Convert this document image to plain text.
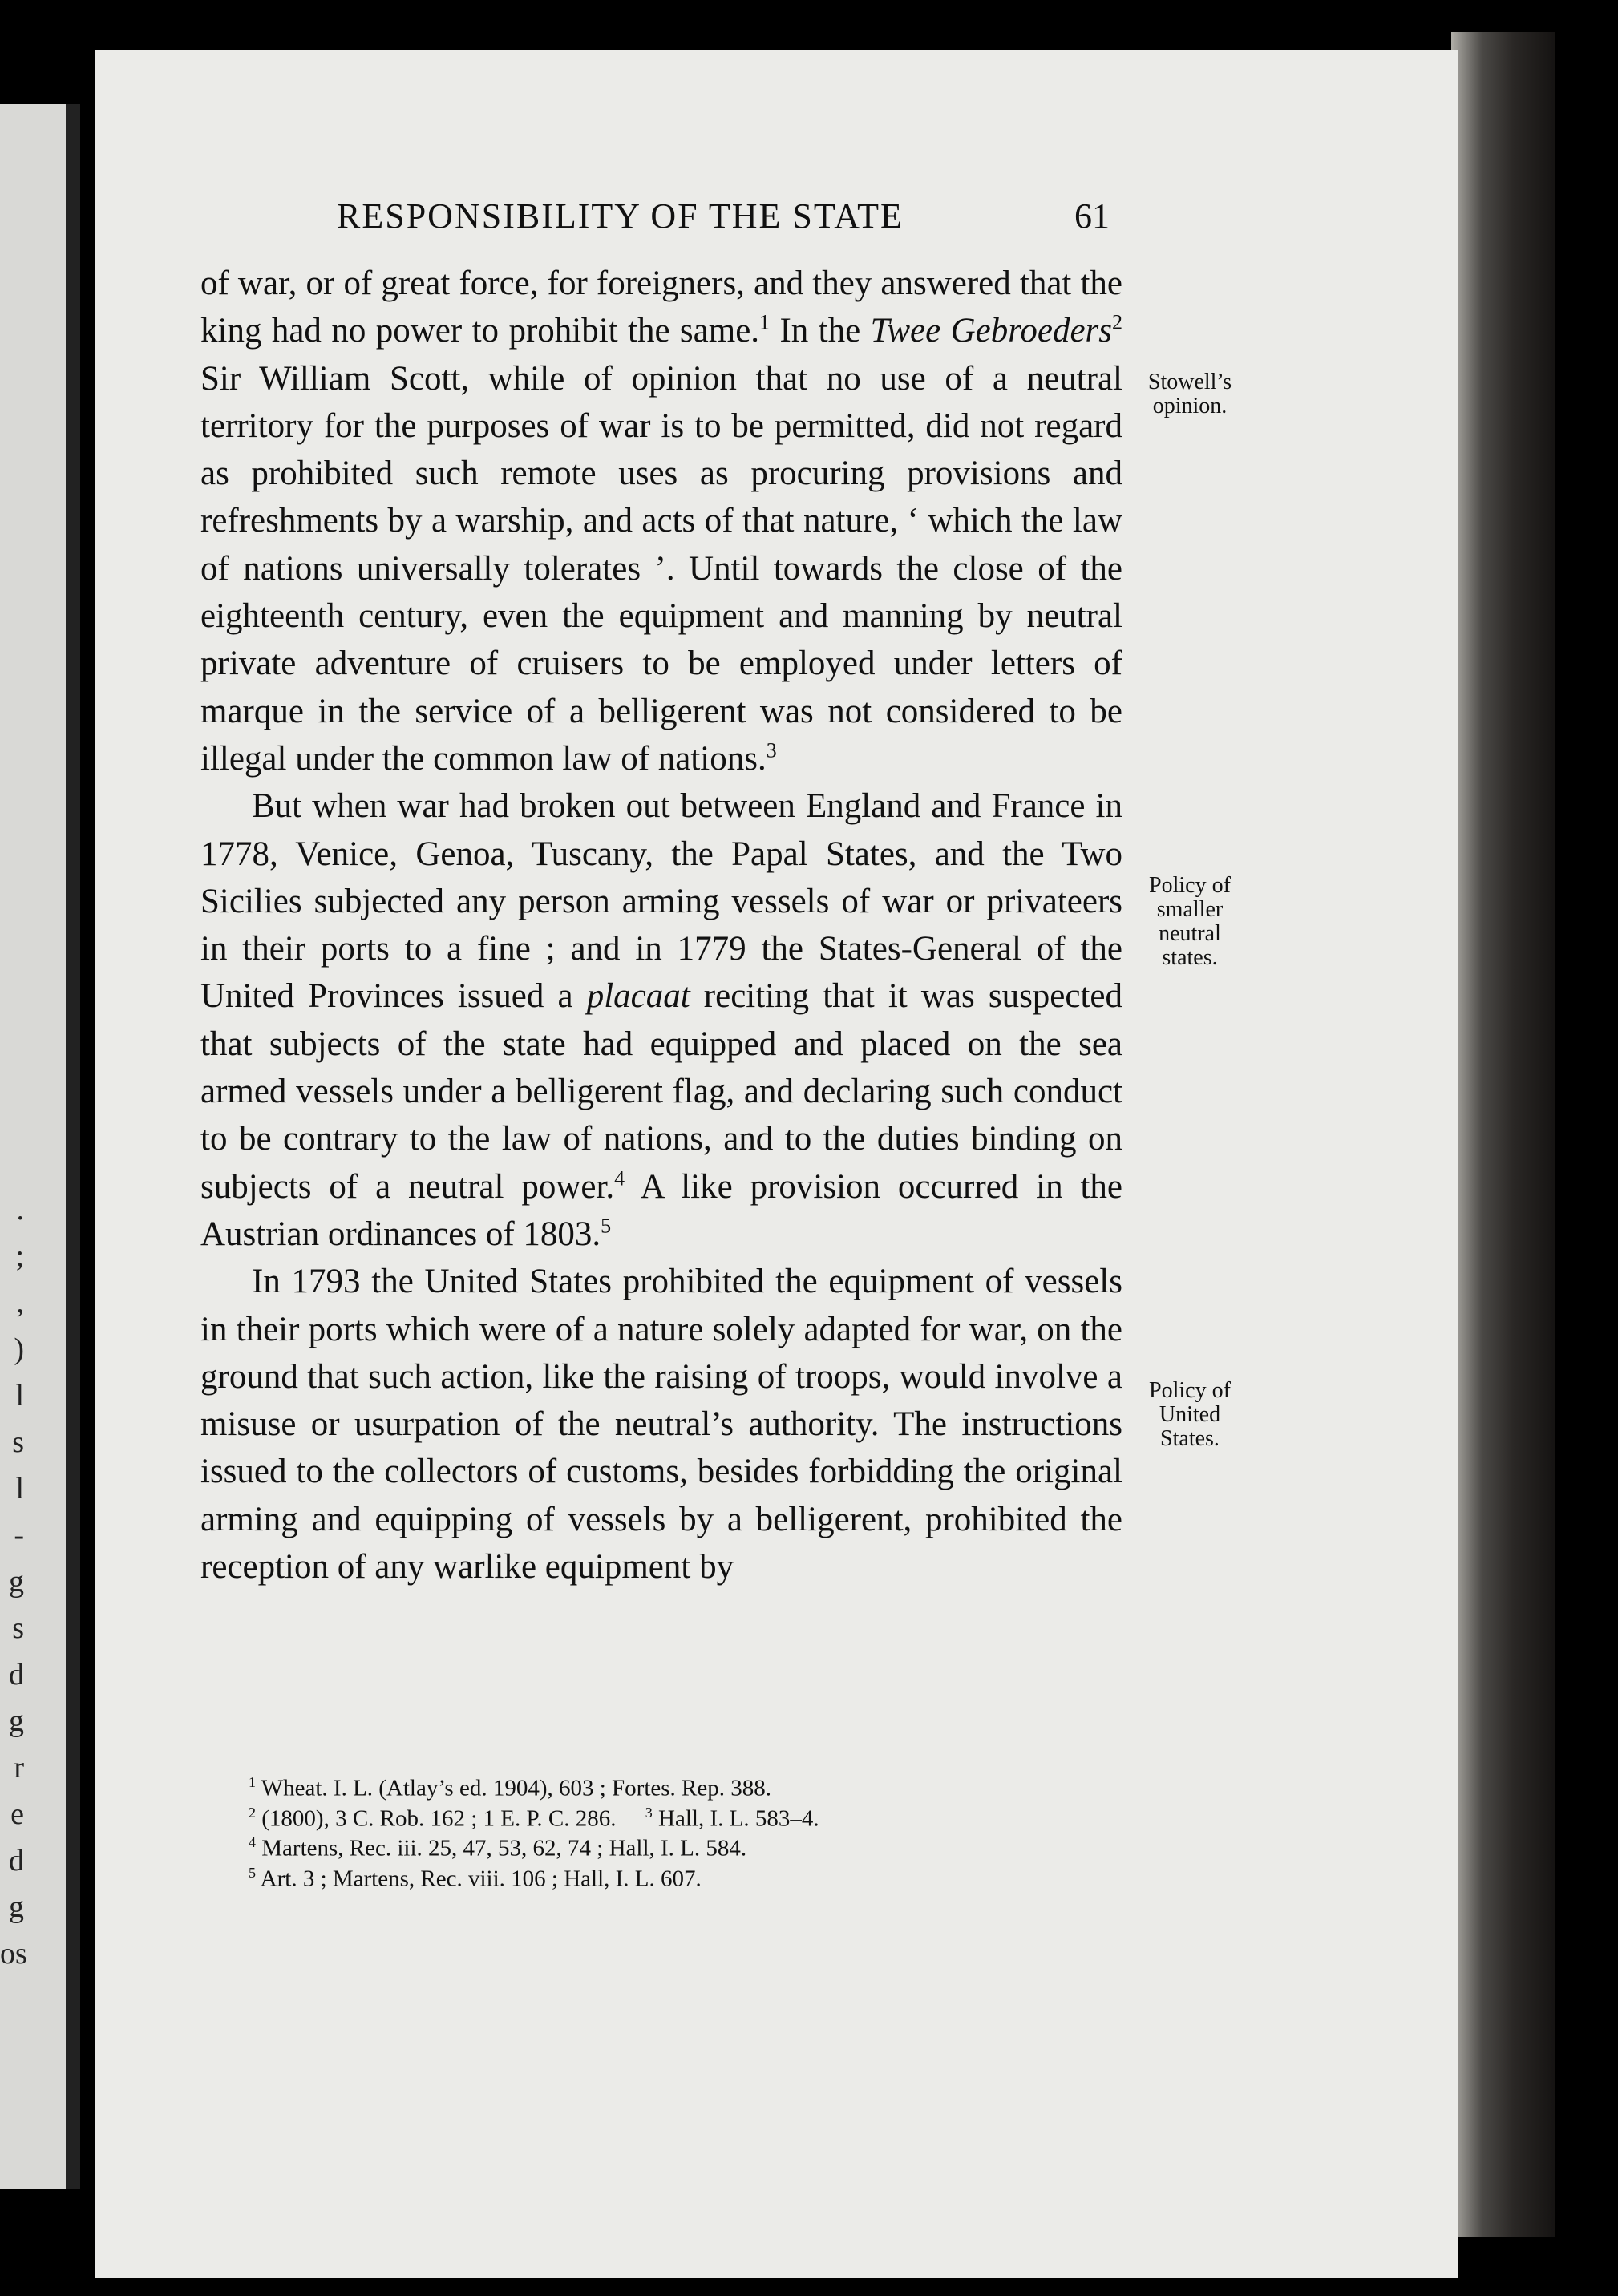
.
;
,
)
l
s
l
-
g
s
d
g
r
e
d
g
os
RESPONSIBILITY OF THE STATE	61

of war, or of great force, for foreigners, and they answered that the king had no power to prohibit the same.$^1$ In the Twee Gebroeders$^2$ Sir William Scott, while of opinion that no use of a neutral territory for the purposes of war is to be permitted, did not regard as prohibited such remote uses as procuring provisions and refreshments by a warship, and acts of that nature, ‘ which the law of nations universally tolerates ’. Until towards the close of the eighteenth century, even the equipment and manning by neutral private adventure of cruisers to be employed under letters of marque in the service of a belligerent was not considered to be illegal under the common law of nations.$^3$

But when war had broken out between England and France in 1778, Venice, Genoa, Tuscany, the Papal States, and the Two Sicilies subjected any person arming vessels of war or privateers in their ports to a fine ; and in 1779 the States-General of the United Provinces issued a placaat reciting that it was suspected that subjects of the state had equipped and placed on the sea armed vessels under a belligerent flag, and declaring such conduct to be contrary to the law of nations, and to the duties binding on subjects of a neutral power.$^4$ A like provision occurred in the Austrian ordinances of 1803.$^5$

In 1793 the United States prohibited the equipment of vessels in their ports which were of a nature solely adapted for war, on the ground that such action, like the raising of troops, would involve a misuse or usurpation of the neutral’s authority. The instructions issued to the collectors of customs, besides forbidding the original arming and equipping of vessels by a belligerent, prohibited the reception of any warlike equipment by

Stowell’s
opinion.
Policy of
smaller
neutral
states.
Policy of
United
States.
$^1$ Wheat. I. L. (Atlay’s ed. 1904), 603 ; Fortes. Rep. 388.
$^2$ (1800), 3 C. Rob. 162 ; 1 E. P. C. 286. $^3$ Hall, I. L. 583–4.
$^4$ Martens, Rec. iii. 25, 47, 53, 62, 74 ; Hall, I. L. 584.
$^5$ Art. 3 ; Martens, Rec. viii. 106 ; Hall, I. L. 607.
